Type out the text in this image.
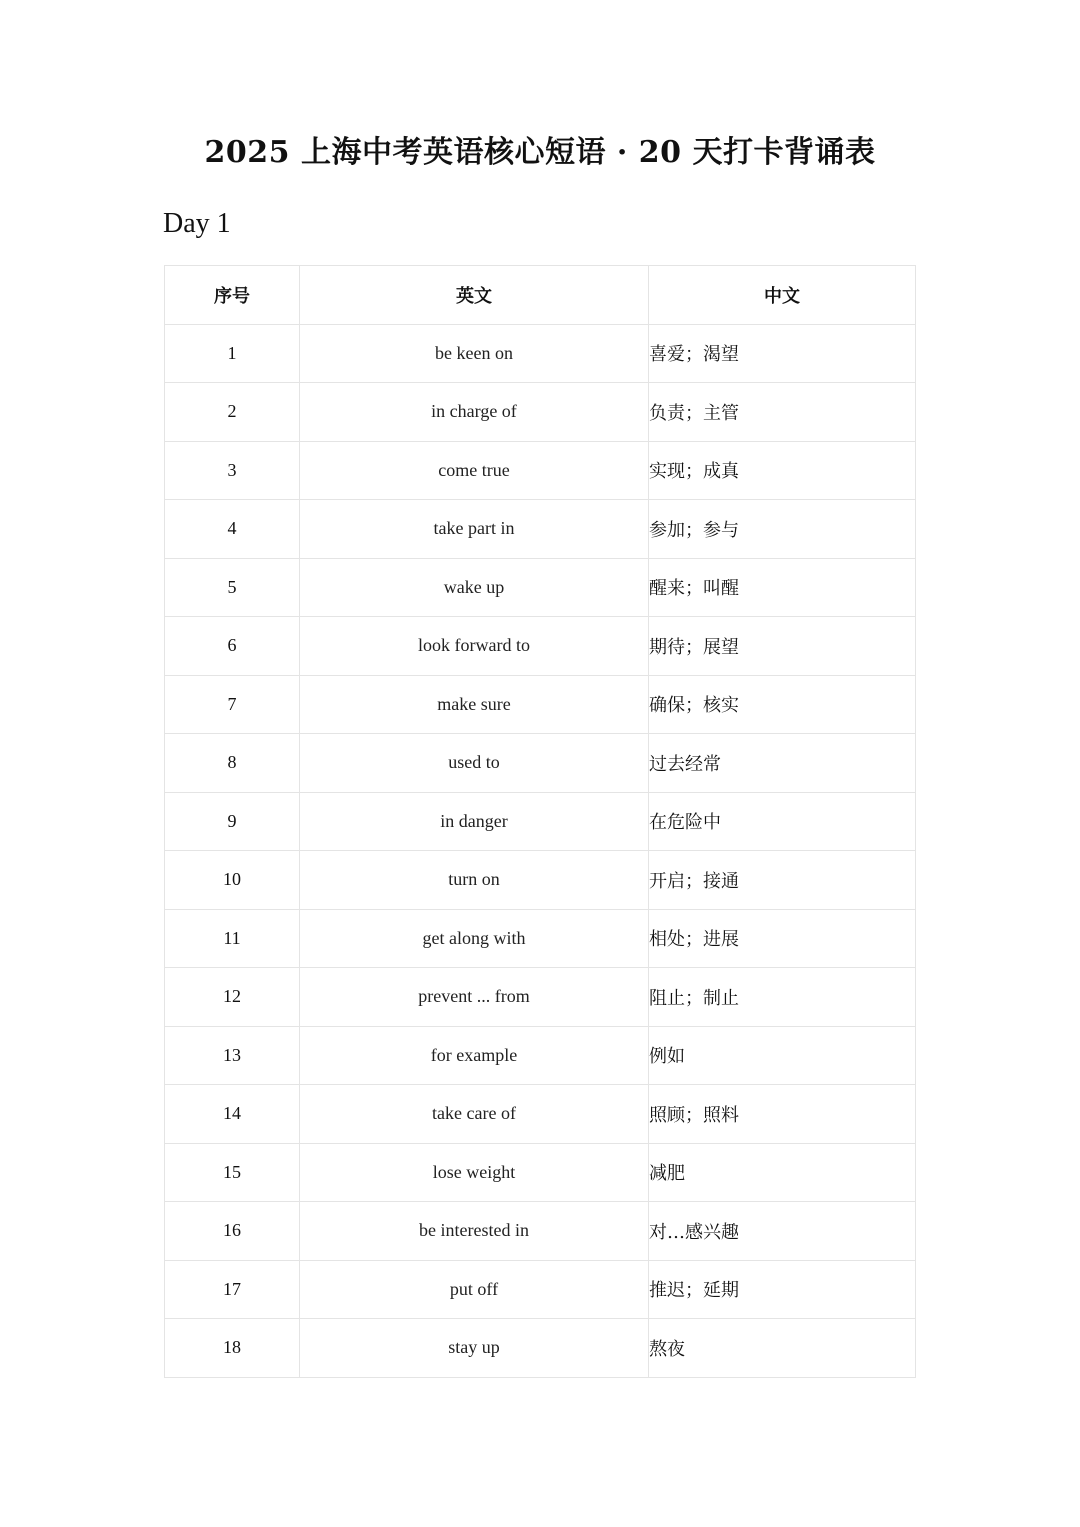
2025 上海中考英语核心短语 · 20 天打卡背诵表
Day 1
序号	英文	中文
1	be keen on	喜爱；渴望
2	in charge of	负责；主管
3	come true	实现；成真
4	take part in	参加；参与
5	wake up	醒来；叫醒
6	look forward to	期待；展望
7	make sure	确保；核实
8	used to	过去经常
9	in danger	在危险中
10	turn on	开启；接通
11	get along with	相处；进展
12	prevent ... from	阻止；制止
13	for example	例如
14	take care of	照顾；照料
15	lose weight	减肥
16	be interested in	对…感兴趣
17	put off	推迟；延期
18	stay up	熬夜
